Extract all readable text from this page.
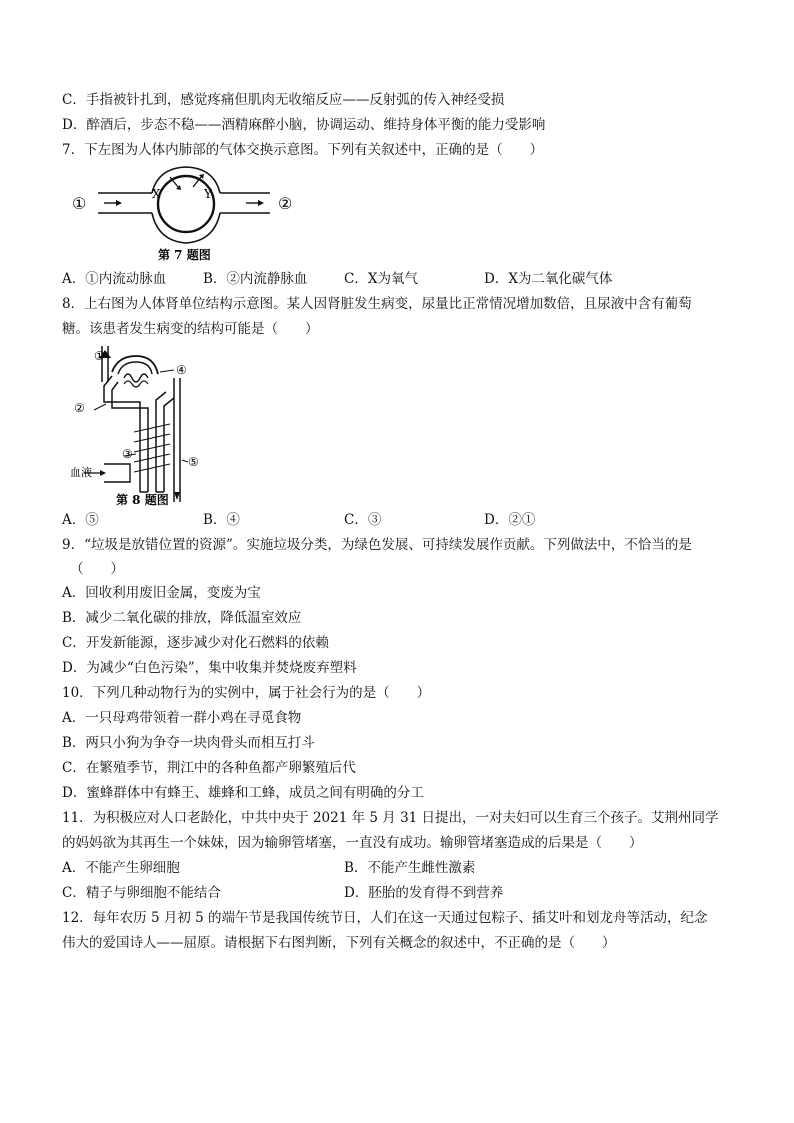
C．手指被针扎到，感觉疼痛但肌肉无收缩反应——反射弧的传入神经受损
D．醉酒后，步态不稳——酒精麻醉小脑，协调运动、维持身体平衡的能力受影响
7．下左图为人体内肺部的气体交换示意图。下列有关叙述中，正确的是（　　）
①	②
X	Y
第 7 题图
A．①内流动脉血	B．②内流静脉血	C．X为氧气	D．X为二氧化碳气体
8．上右图为人体肾单位结构示意图。某人因肾脏发生病变，尿量比正常情况增加数倍，且尿液中含有葡萄
糖。该患者发生病变的结构可能是（　　）
④
②
①
③
⑤
血液
第 8 题图
A．⑤	B．④	C．③	D．②①
9．“垃圾是放错位置的资源”。实施垃圾分类，为绿色发展、可持续发展作贡献。下列做法中，不恰当的是
（　　）
A．回收利用废旧金属，变废为宝
B．减少二氧化碳的排放，降低温室效应
C．开发新能源，逐步减少对化石燃料的依赖
D．为减少“白色污染”，集中收集并焚烧废弃塑料
10．下列几种动物行为的实例中，属于社会行为的是（　　）
A．一只母鸡带领着一群小鸡在寻觅食物
B．两只小狗为争夺一块肉骨头而相互打斗
C．在繁殖季节，荆江中的各种鱼都产卵繁殖后代
D．蜜蜂群体中有蜂王、雄蜂和工蜂，成员之间有明确的分工
11．为积极应对人口老龄化，中共中央于 2021 年 5 月 31 日提出，一对夫妇可以生育三个孩子。艾荆州同学
的妈妈欲为其再生一个妹妹，因为输卵管堵塞，一直没有成功。输卵管堵塞造成的后果是（　　）
A．不能产生卵细胞	B．不能产生雌性激素
C．精子与卵细胞不能结合	D．胚胎的发育得不到营养
12．每年农历 5 月初 5 的端午节是我国传统节日，人们在这一天通过包粽子、插艾叶和划龙舟等活动，纪念
伟大的爱国诗人——屈原。请根据下右图判断，下列有关概念的叙述中，不正确的是（　　）
